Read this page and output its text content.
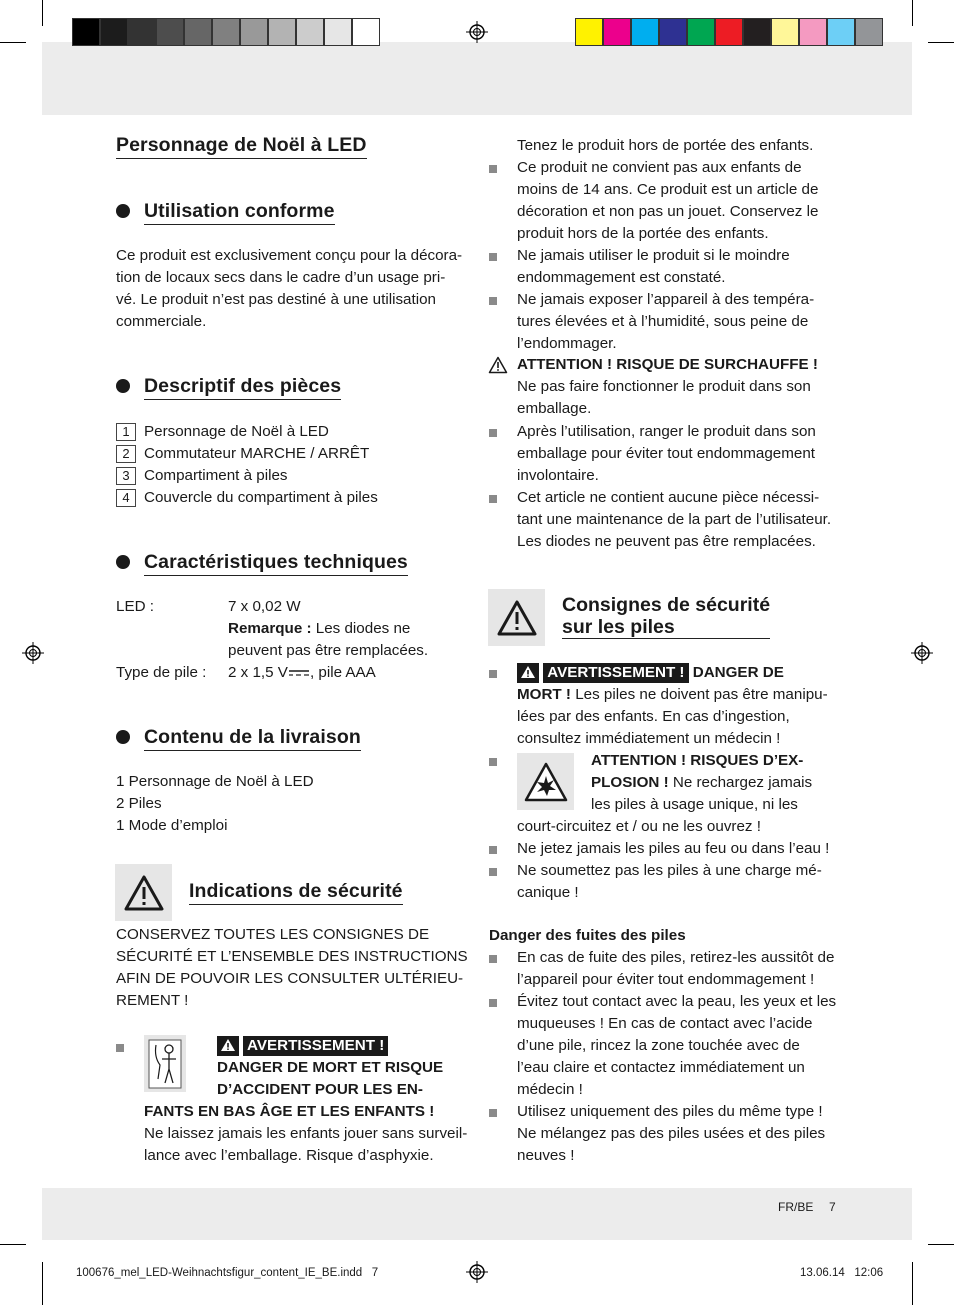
Personnage de Noël à LED
Utilisation conforme

Ce produit est exclusivement conçu pour la décora-

tion de locaux secs dans le cadre d’un usage pri-

vé. Le produit n’est pas destiné à une utilisation

commerciale.

Descriptif des pièces
1 Personnage de Noël à LED
2 Commutateur MARCHE / ARRÊT
3 Compartiment à piles
4 Couvercle du compartiment à piles
Caractéristiques techniques
LED :	7 x 0,02 W
Remarque : Les diodes ne
peuvent pas être remplacées.
Type de pile : 2 x 1,5 V , pile AAA
Contenu de la livraison

1 Personnage de Noël à LED

2 Piles

1 Mode d’emploi

Indications de sécurité

CONSERVEZ TOUTES LES CONSIGNES DE

SÉCURITÉ ET L’ENSEMBLE DES INSTRUCTIONS

AFIN DE POUVOIR LES CONSULTER ULTÉRIEU-

REMENT !

AVERTISSEMENT !

DANGER DE MORT ET RISQUE

D’ACCIDENT POUR LES EN-

FANTS EN BAS ÂGE ET LES ENFANTS !

Ne laissez jamais les enfants jouer sans surveil-

lance avec l’emballage. Risque d’asphyxie.

Tenez le produit hors de portée des enfants.

Ce produit ne convient pas aux enfants de

moins de 14 ans. Ce produit est un article de

décoration et non pas un jouet. Conservez le

produit hors de la portée des enfants.

Ne jamais utiliser le produit si le moindre

endommagement est constaté.

Ne jamais exposer l’appareil à des tempéra-

tures élevées et à l’humidité, sous peine de

l’endommager.

ATTENTION ! RISQUE DE SURCHAUFFE !

Ne pas faire fonctionner le produit dans son

emballage.

Après l’utilisation, ranger le produit dans son

emballage pour éviter tout endommagement

involontaire.

Cet article ne contient aucune pièce nécessi-

tant une maintenance de la part de l’utilisateur.

Les diodes ne peuvent pas être remplacées.

Consignes de sécurité

sur les piles

AVERTISSEMENT ! DANGER DE

MORT ! Les piles ne doivent pas être manipu-

lées par des enfants. En cas d’ingestion,

consultez immédiatement un médecin !

ATTENTION ! RISQUES D’EX-

PLOSION ! Ne rechargez jamais

les piles à usage unique, ni les

court-circuitez et / ou ne les ouvrez !

Ne jetez jamais les piles au feu ou dans l’eau !

Ne soumettez pas les piles à une charge mé-

canique !

Danger des fuites des piles

En cas de fuite des piles, retirez-les aussitôt de

l’appareil pour éviter tout endommagement !

Évitez tout contact avec la peau, les yeux et les

muqueuses ! En cas de contact avec l’acide

d’une pile, rincez la zone touchée avec de

l’eau claire et contactez immédiatement un

médecin !

Utilisez uniquement des piles du même type !

Ne mélangez pas des piles usées et des piles

neuves !

FR/BE 7
100676_mel_LED-Weihnachtsfigur_content_IE_BE.indd   7	13.06.14   12:06
